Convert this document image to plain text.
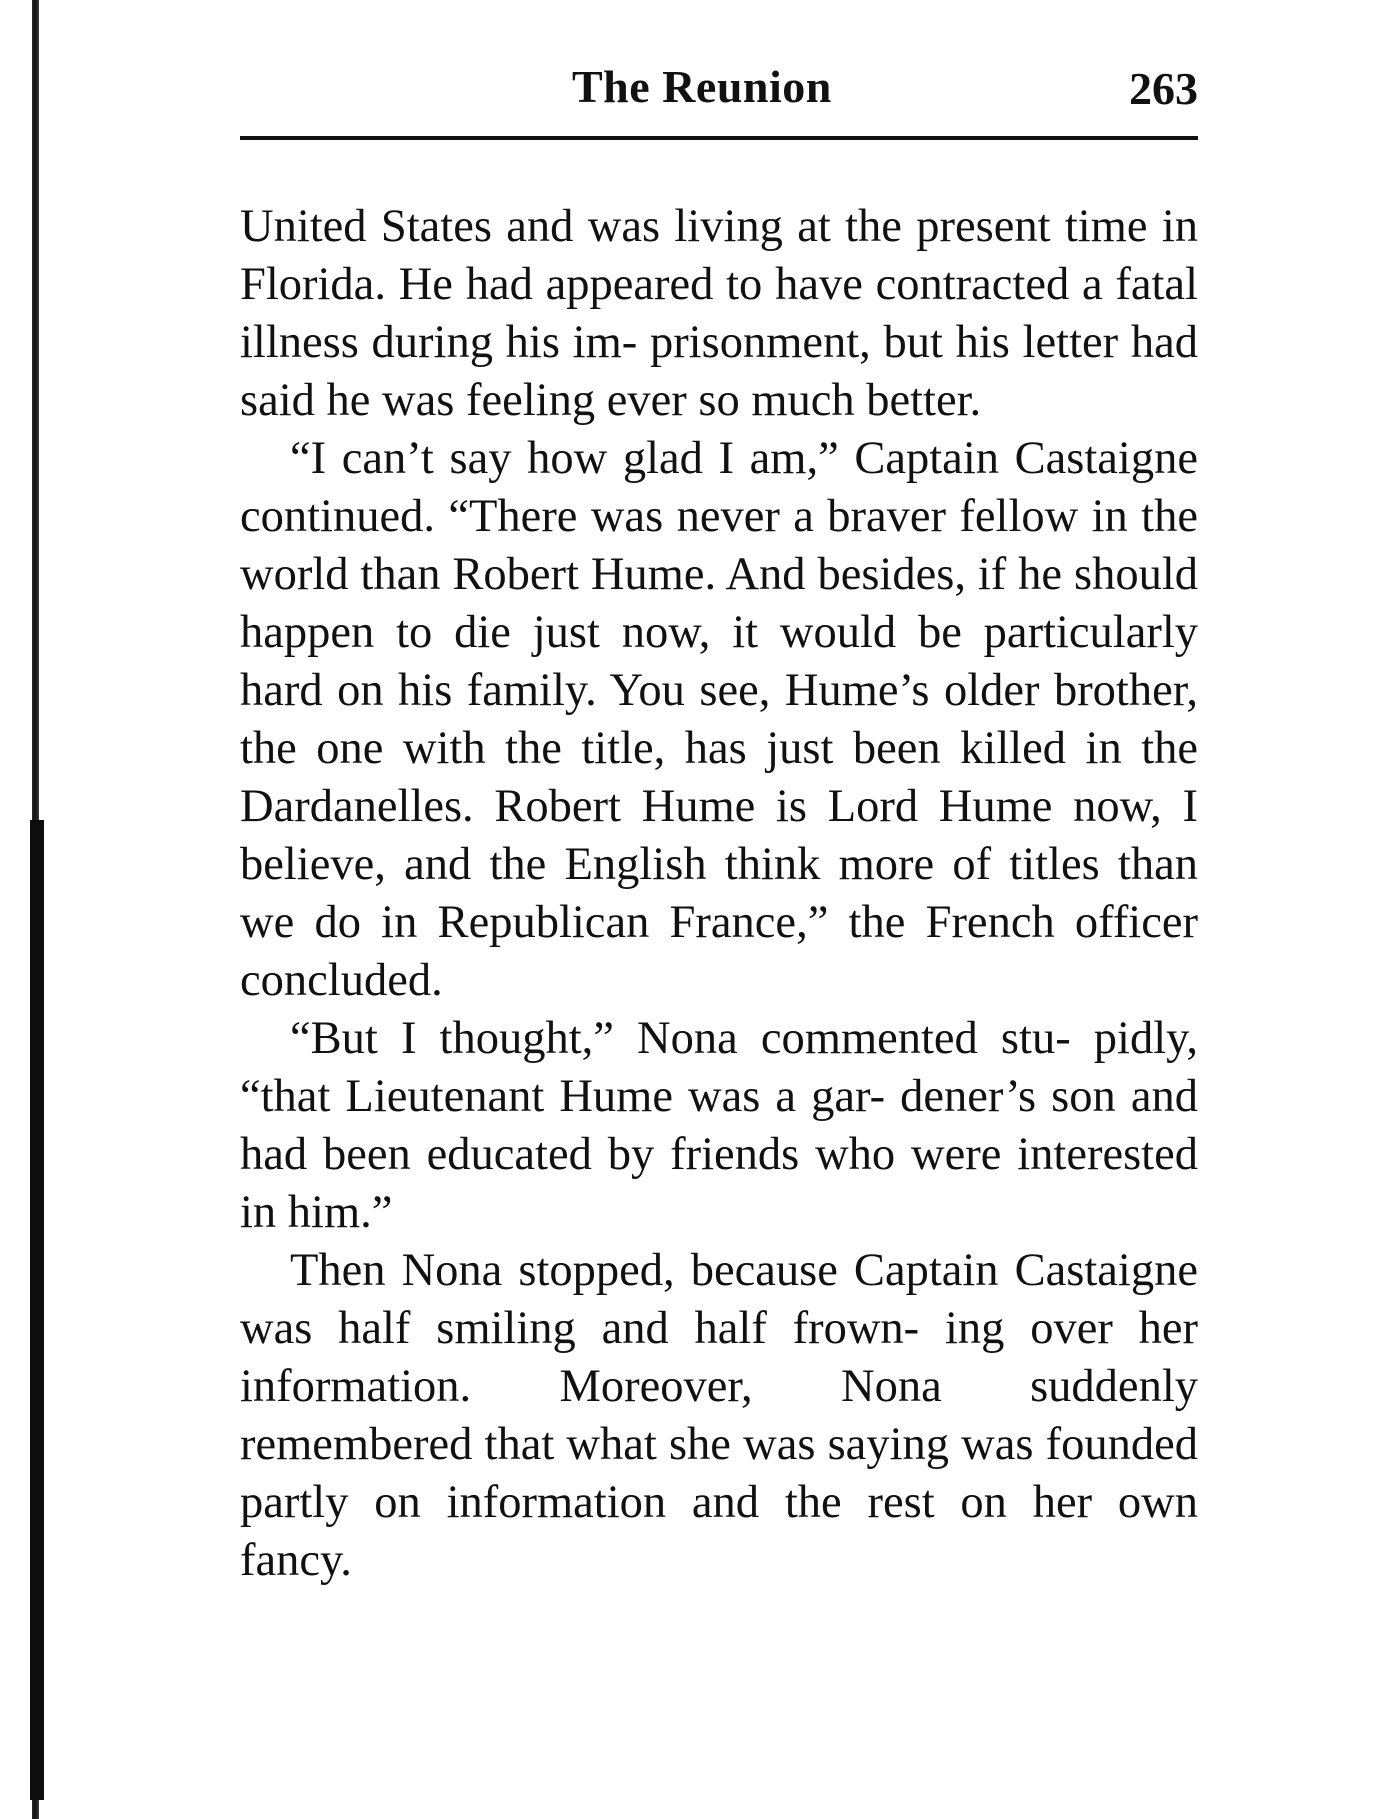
The Reunion	263

United States and was living at the present time in Florida. He had appeared to have contracted a fatal illness during his im- prisonment, but his letter had said he was feeling ever so much better.

“I can’t say how glad I am,” Captain Castaigne continued. “There was never a braver fellow in the world than Robert Hume. And besides, if he should happen to die just now, it would be particularly hard on his family. You see, Hume’s older brother, the one with the title, has just been killed in the Dardanelles. Robert Hume is Lord Hume now, I believe, and the English think more of titles than we do in Republican France,” the French officer concluded.

“But I thought,” Nona commented stu- pidly, “that Lieutenant Hume was a gar- dener’s son and had been educated by friends who were interested in him.”

Then Nona stopped, because Captain Castaigne was half smiling and half frown- ing over her information. Moreover, Nona suddenly remembered that what she was saying was founded partly on information and the rest on her own fancy.
